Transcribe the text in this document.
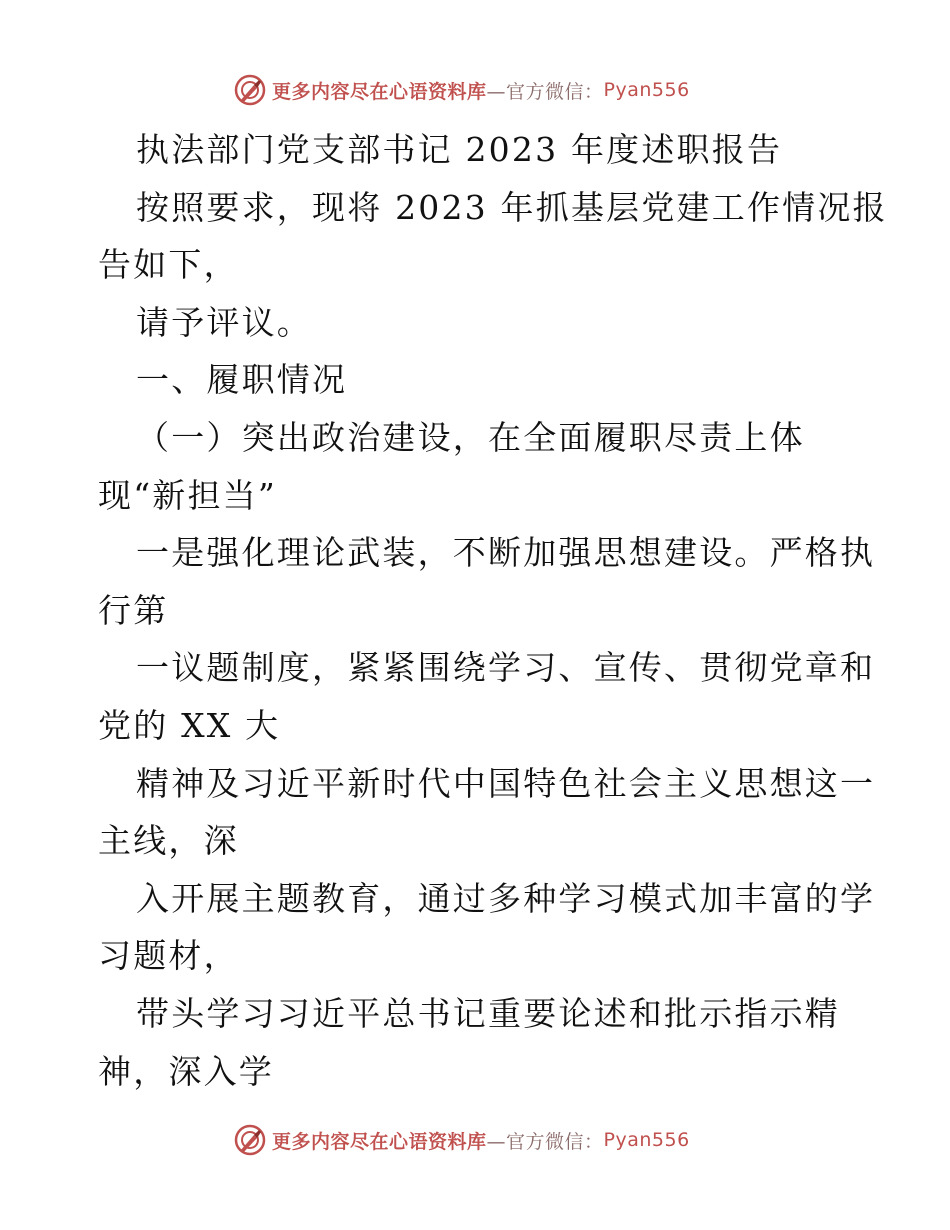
更多内容尽在心语资料库 —官方微信： Pyan556
执法部门党支部书记 2023 年度述职报告
按照要求，现将 2023 年抓基层党建工作情况报
告如下，
请予评议。
一、履职情况
（一）突出政治建设，在全面履职尽责上体
现“新担当”
一是强化理论武装，不断加强思想建设。严格执
行第
一议题制度，紧紧围绕学习、宣传、贯彻党章和
党的 XX 大
精神及习近平新时代中国特色社会主义思想这一
主线，深
入开展主题教育，通过多种学习模式加丰富的学
习题材，
带头学习习近平总书记重要论述和批示指示精
神，深入学
更多内容尽在心语资料库 —官方微信： Pyan556
